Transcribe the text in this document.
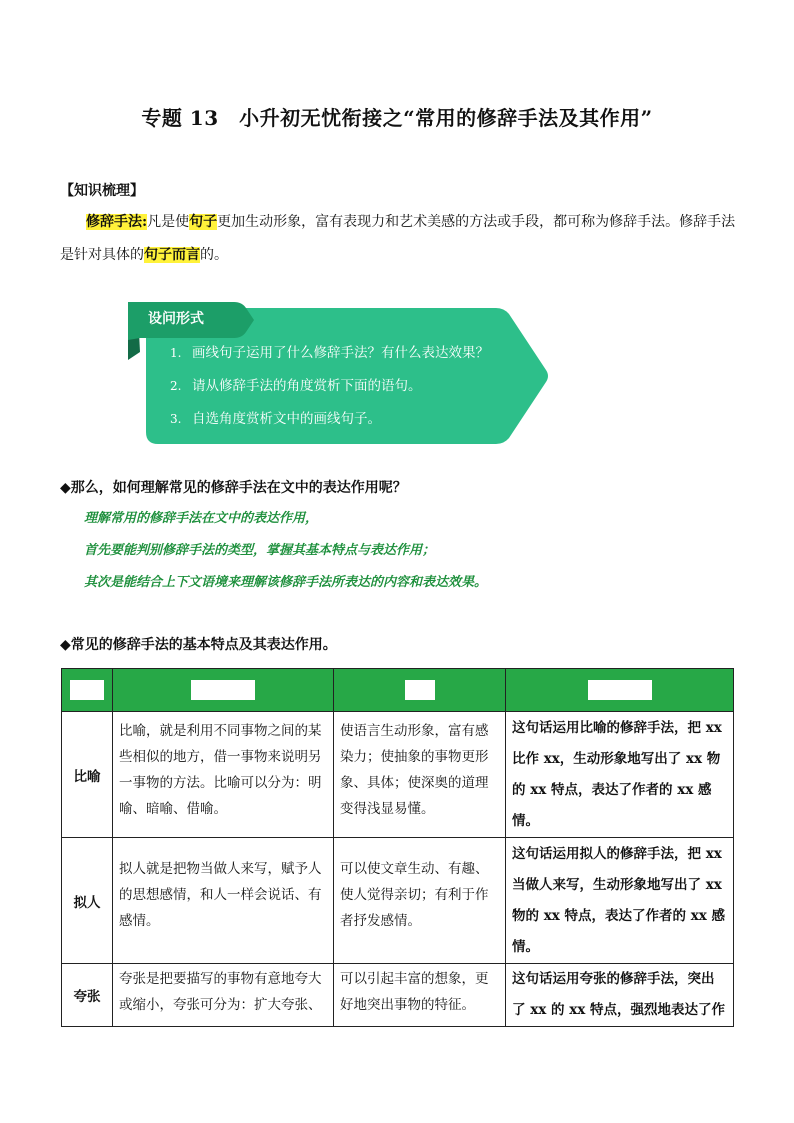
专题 13　小升初无忧衔接之“常用的修辞手法及其作用”
【知识梳理】
修辞手法:凡是使句子更加生动形象，富有表现力和艺术美感的方法或手段，都可称为修辞手法。修辞手法是针对具体的句子而言的。
设问形式
1. 画线句子运用了什么修辞手法？有什么表达效果？
2. 请从修辞手法的角度赏析下面的语句。
3. 自选角度赏析文中的画线句子。
◆那么，如何理解常见的修辞手法在文中的表达作用呢？
理解常用的修辞手法在文中的表达作用，
首先要能判别修辞手法的类型，掌握其基本特点与表达作用；
其次是能结合上下文语境来理解该修辞手法所表达的内容和表达效果。
◆常见的修辞手法的基本特点及其表达作用。

比喻	比喻，就是利用不同事物之间的某些相似的地方，借一事物来说明另一事物的方法。比喻可以分为：明喻、暗喻、借喻。	使语言生动形象，富有感染力；使抽象的事物更形象、具体；使深奥的道理变得浅显易懂。	这句话运用比喻的修辞手法，把 xx 比作 xx，生动形象地写出了 xx 物的 xx 特点，表达了作者的 xx 感情。
拟人	拟人就是把物当做人来写，赋予人的思想感情，和人一样会说话、有感情。	可以使文章生动、有趣、使人觉得亲切；有利于作者抒发感情。	这句话运用拟人的修辞手法，把 xx 当做人来写，生动形象地写出了 xx 物的 xx 特点，表达了作者的 xx 感情。
夸张	夸张是把要描写的事物有意地夸大或缩小，夸张可分为：扩大夸张、	可以引起丰富的想象，更好地突出事物的特征。	这句话运用夸张的修辞手法，突出了 xx 的 xx 特点，强烈地表达了作
